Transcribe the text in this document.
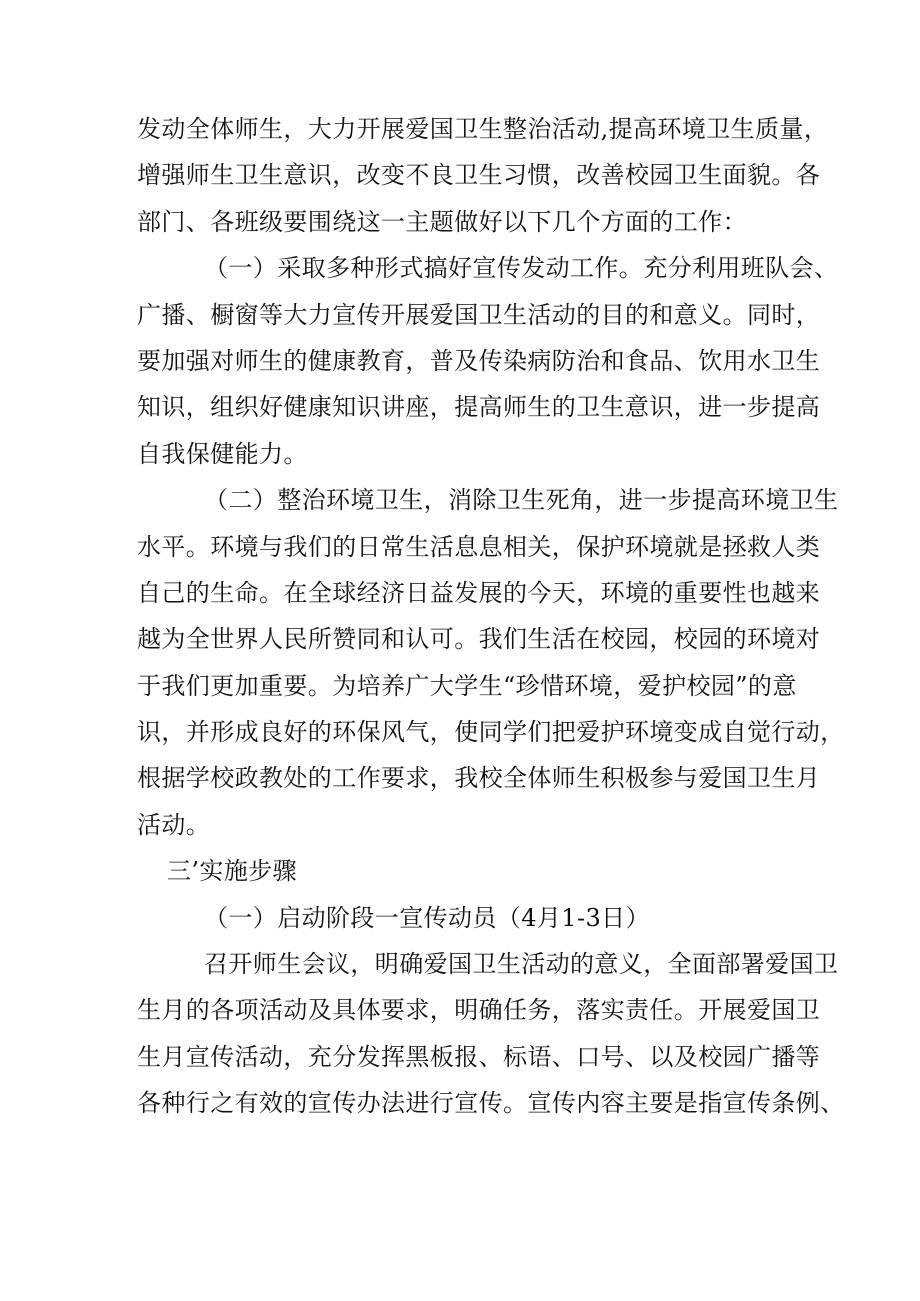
发动全体师生，大力开展爱国卫生整治活动,提高环境卫生质量，
增强师生卫生意识，改变不良卫生习惯，改善校园卫生面貌。各
部门、各班级要围绕这一主题做好以下几个方面的工作：
（一）采取多种形式搞好宣传发动工作。充分利用班队会、
广播、橱窗等大力宣传开展爱国卫生活动的目的和意义。同时，
要加强对师生的健康教育，普及传染病防治和食品、饮用水卫生
知识，组织好健康知识讲座，提高师生的卫生意识，进一步提高
自我保健能力。
（二）整治环境卫生，消除卫生死角，进一步提高环境卫生
水平。环境与我们的日常生活息息相关，保护环境就是拯救人类
自己的生命。在全球经济日益发展的今天，环境的重要性也越来
越为全世界人民所赞同和认可。我们生活在校园，校园的环境对
于我们更加重要。为培养广大学生“珍惜环境，爱护校园”的意
识，并形成良好的环保风气，使同学们把爱护环境变成自觉行动，
根据学校政教处的工作要求，我校全体师生积极参与爱国卫生月
活动。
三’实施步骤
（一）启动阶段一宣传动员（4月1-3日）
召开师生会议，明确爱国卫生活动的意义，全面部署爱国卫
生月的各项活动及具体要求，明确任务，落实责任。开展爱国卫
生月宣传活动，充分发挥黑板报、标语、口号、以及校园广播等
各种行之有效的宣传办法进行宣传。宣传内容主要是指宣传条例、
